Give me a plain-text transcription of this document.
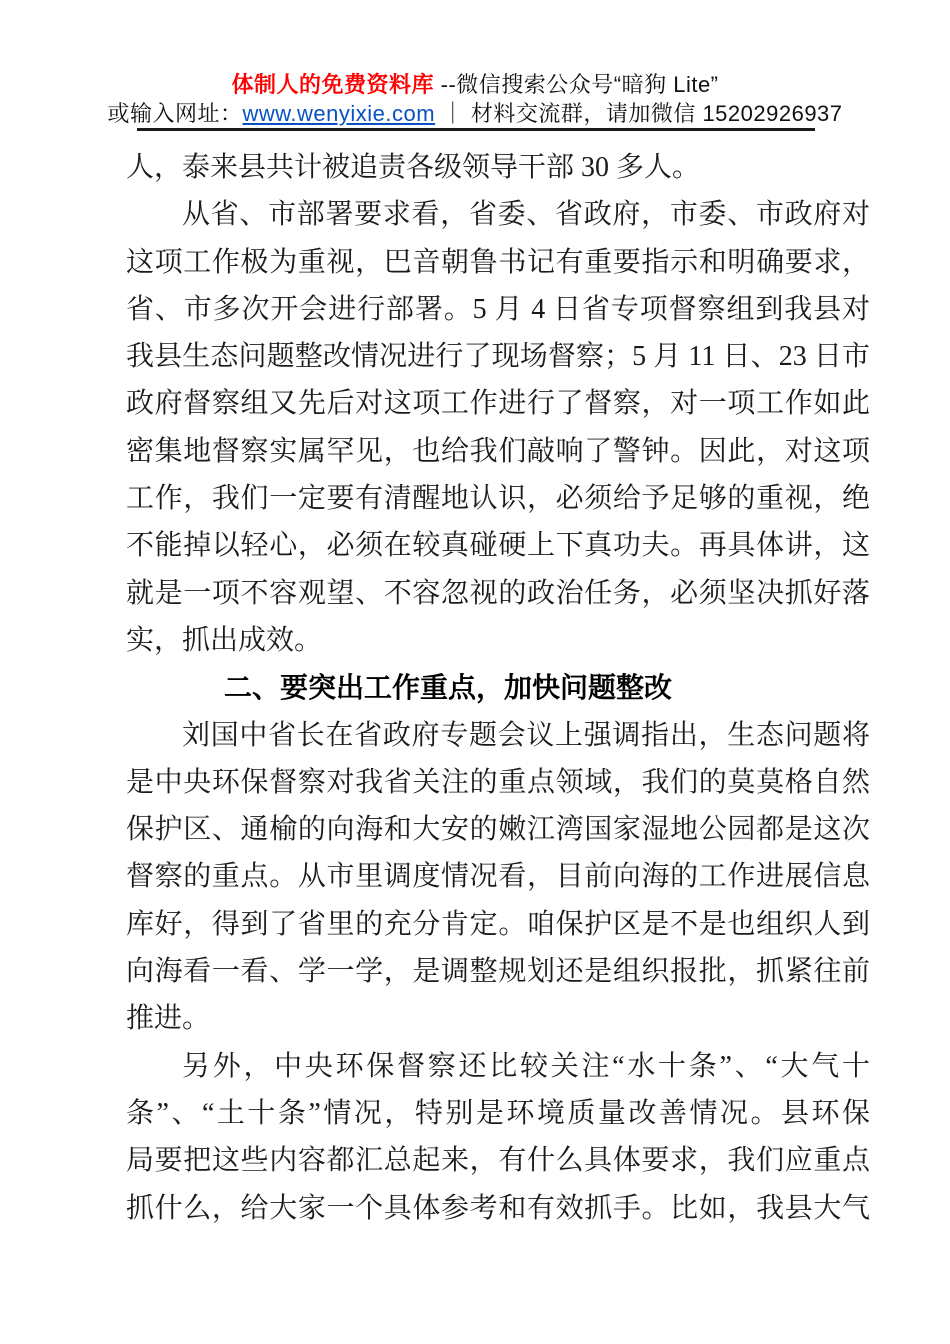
体制人的免费资料库 --微信搜索公众号“暗狗 Lite”
或输入网址：www.wenyixie.com ｜ 材料交流群，请加微信 15202926937
人，泰来县共计被追责各级领导干部 30 多人。
从省、市部署要求看，省委、省政府，市委、市政府对
这项工作极为重视，巴音朝鲁书记有重要指示和明确要求，
省、市多次开会进行部署。5 月 4 日省专项督察组到我县对
我县生态问题整改情况进行了现场督察；5 月 11 日、23 日市
政府督察组又先后对这项工作进行了督察，对一项工作如此
密集地督察实属罕见，也给我们敲响了警钟。因此，对这项
工作，我们一定要有清醒地认识，必须给予足够的重视，绝
不能掉以轻心，必须在较真碰硬上下真功夫。再具体讲，这
就是一项不容观望、不容忽视的政治任务，必须坚决抓好落
实，抓出成效。
二、要突出工作重点，加快问题整改
刘国中省长在省政府专题会议上强调指出，生态问题将
是中央环保督察对我省关注的重点领域，我们的莫莫格自然
保护区、通榆的向海和大安的嫩江湾国家湿地公园都是这次
督察的重点。从市里调度情况看，目前向海的工作进展信息
库好，得到了省里的充分肯定。咱保护区是不是也组织人到
向海看一看、学一学，是调整规划还是组织报批，抓紧往前
推进。
另外，中央环保督察还比较关注“水十条”、“大气十
条”、“土十条”情况，特别是环境质量改善情况。县环保
局要把这些内容都汇总起来，有什么具体要求，我们应重点
抓什么，给大家一个具体参考和有效抓手。比如，我县大气
